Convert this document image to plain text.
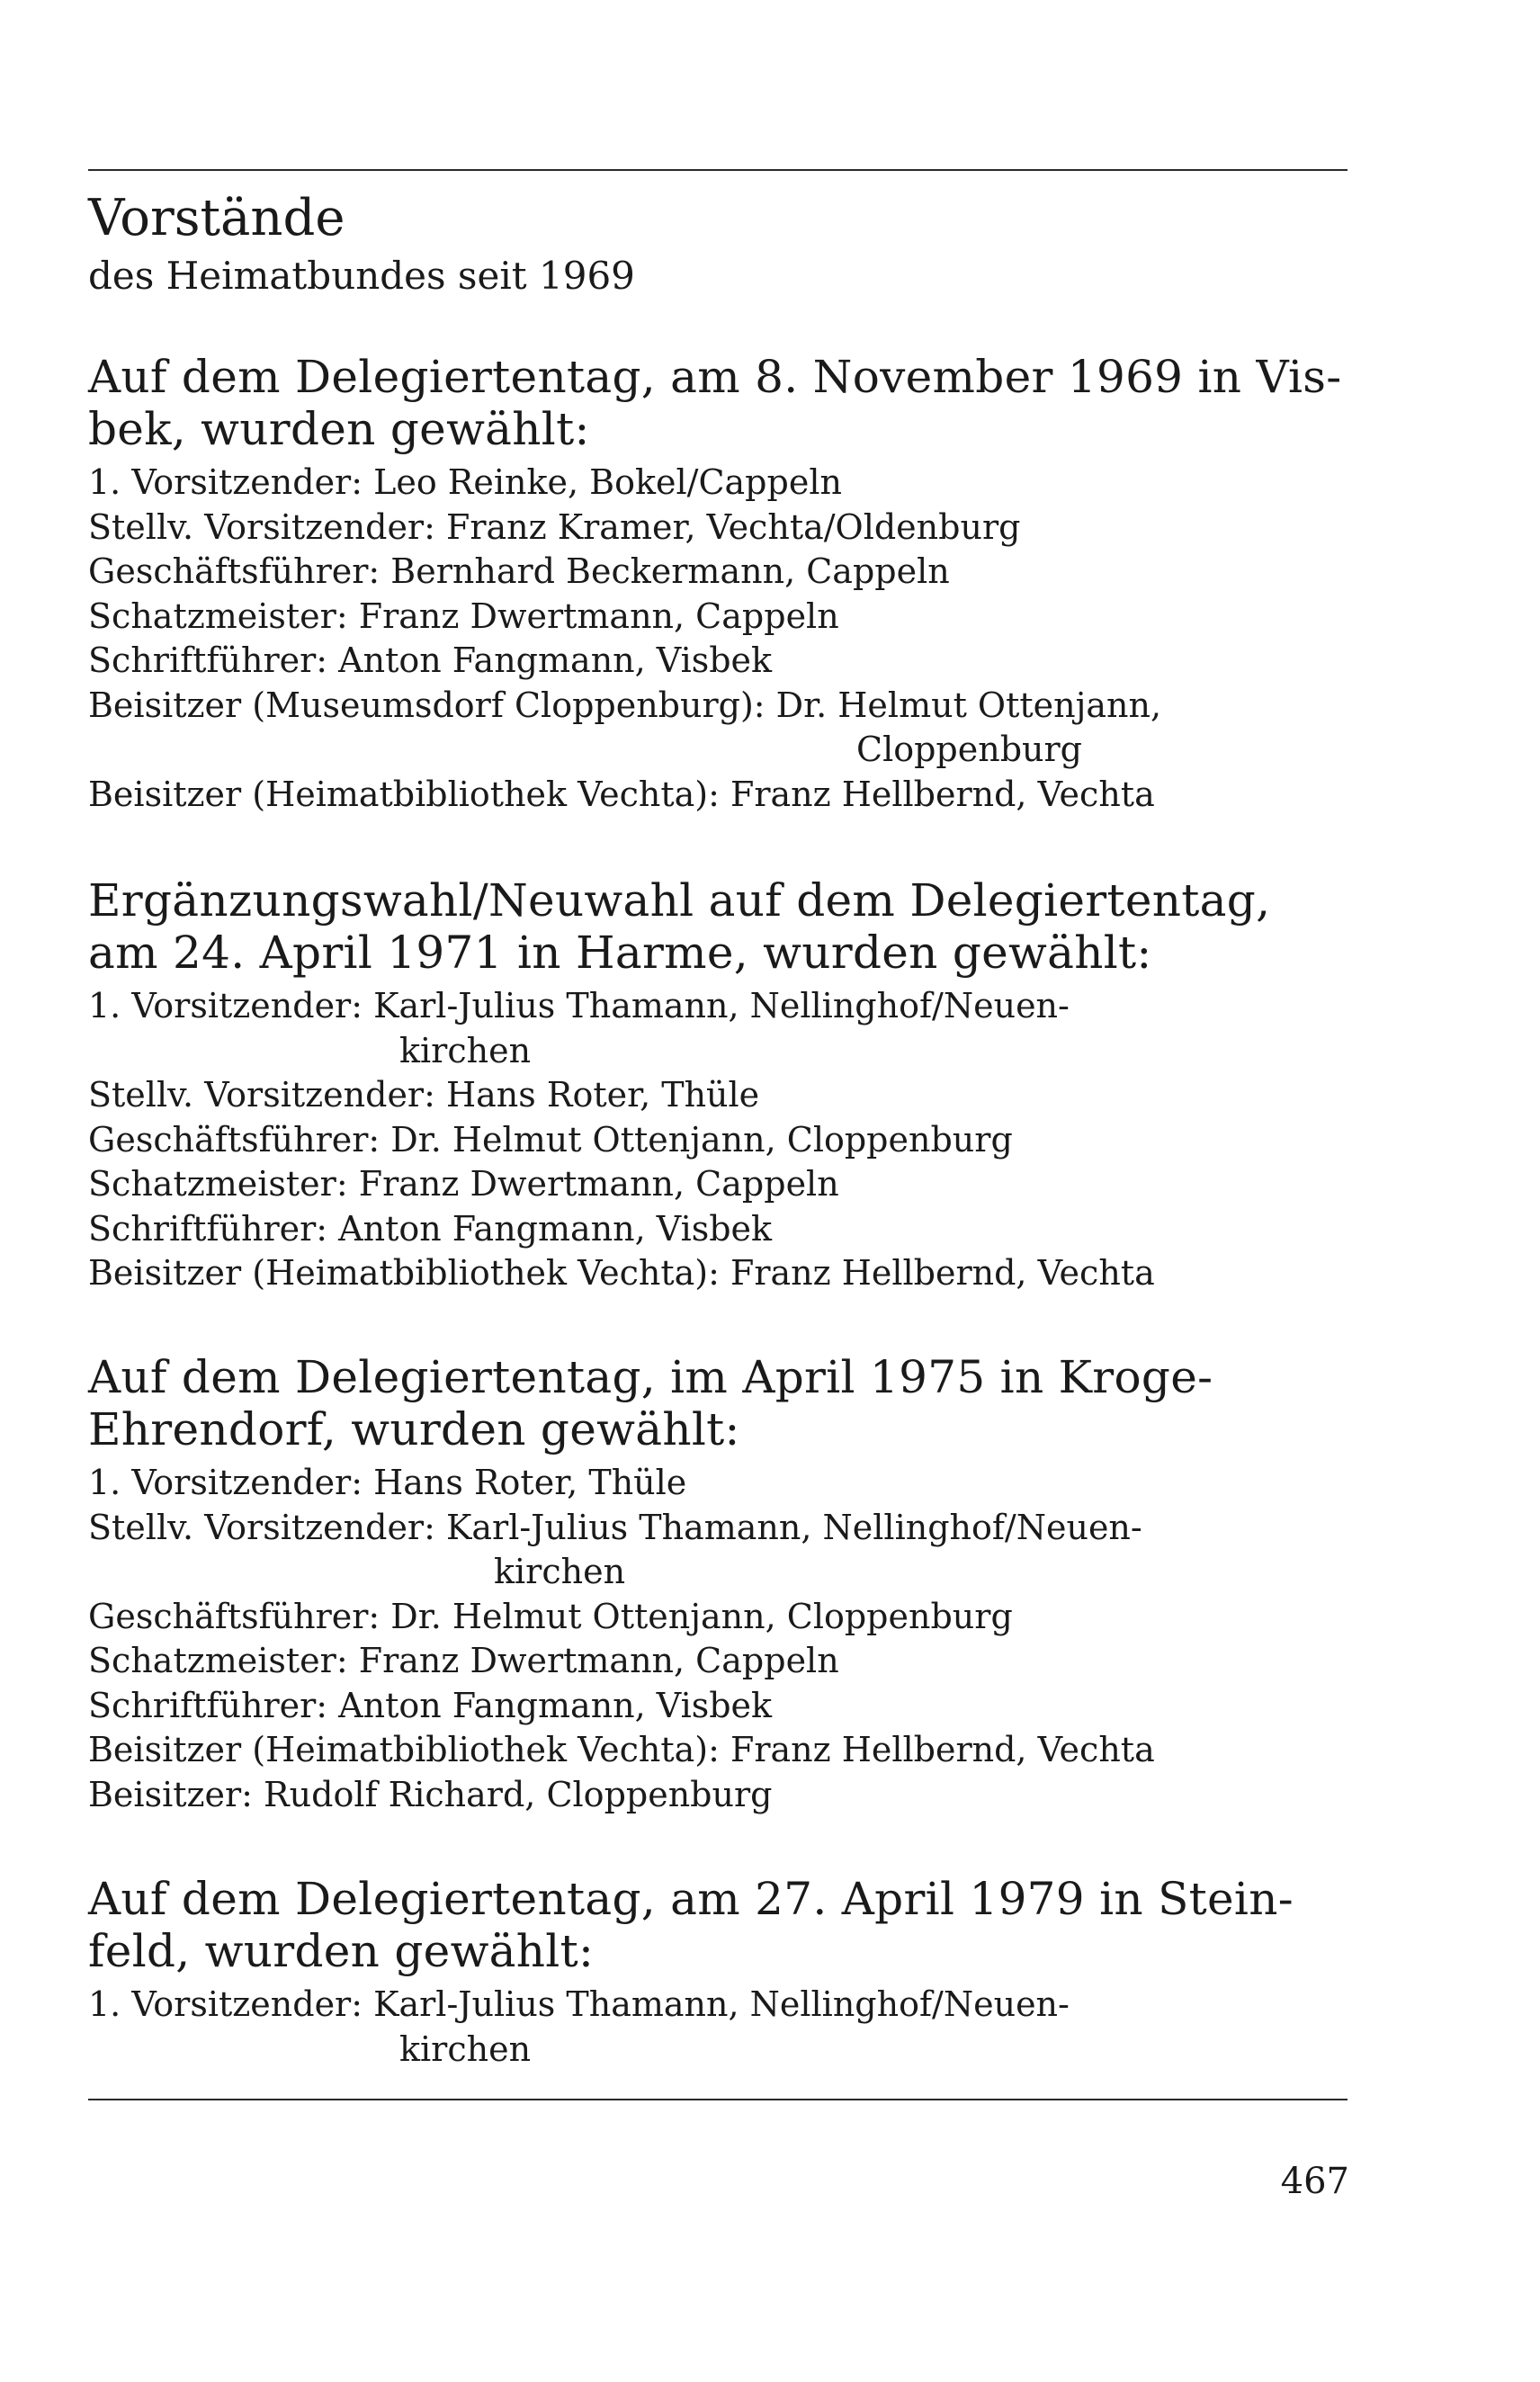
Vorstände
des Heimatbundes seit 1969
Auf dem Delegiertentag, am 8. November 1969 in Vis-
bek, wurden gewählt:
1. Vorsitzender: Leo Reinke, Bokel/Cappeln
Stellv. Vorsitzender: Franz Kramer, Vechta/Oldenburg
Geschäftsführer: Bernhard Beckermann, Cappeln
Schatzmeister: Franz Dwertmann, Cappeln
Schriftführer: Anton Fangmann, Visbek
Beisitzer (Museumsdorf Cloppenburg): Dr. Helmut Ottenjann,
Cloppenburg
Beisitzer (Heimatbibliothek Vechta): Franz Hellbernd, Vechta
Ergänzungswahl/Neuwahl auf dem Delegiertentag,
am 24. April 1971 in Harme, wurden gewählt:
1. Vorsitzender: Karl-Julius Thamann, Nellinghof/Neuen-
kirchen
Stellv. Vorsitzender: Hans Roter, Thüle
Geschäftsführer: Dr. Helmut Ottenjann, Cloppenburg
Schatzmeister: Franz Dwertmann, Cappeln
Schriftführer: Anton Fangmann, Visbek
Beisitzer (Heimatbibliothek Vechta): Franz Hellbernd, Vechta
Auf dem Delegiertentag, im April 1975 in Kroge-
Ehrendorf, wurden gewählt:
1. Vorsitzender: Hans Roter, Thüle
Stellv. Vorsitzender: Karl-Julius Thamann, Nellinghof/Neuen-
kirchen
Geschäftsführer: Dr. Helmut Ottenjann, Cloppenburg
Schatzmeister: Franz Dwertmann, Cappeln
Schriftführer: Anton Fangmann, Visbek
Beisitzer (Heimatbibliothek Vechta): Franz Hellbernd, Vechta
Beisitzer: Rudolf Richard, Cloppenburg
Auf dem Delegiertentag, am 27. April 1979 in Stein-
feld, wurden gewählt:
1. Vorsitzender: Karl-Julius Thamann, Nellinghof/Neuen-
kirchen
467
